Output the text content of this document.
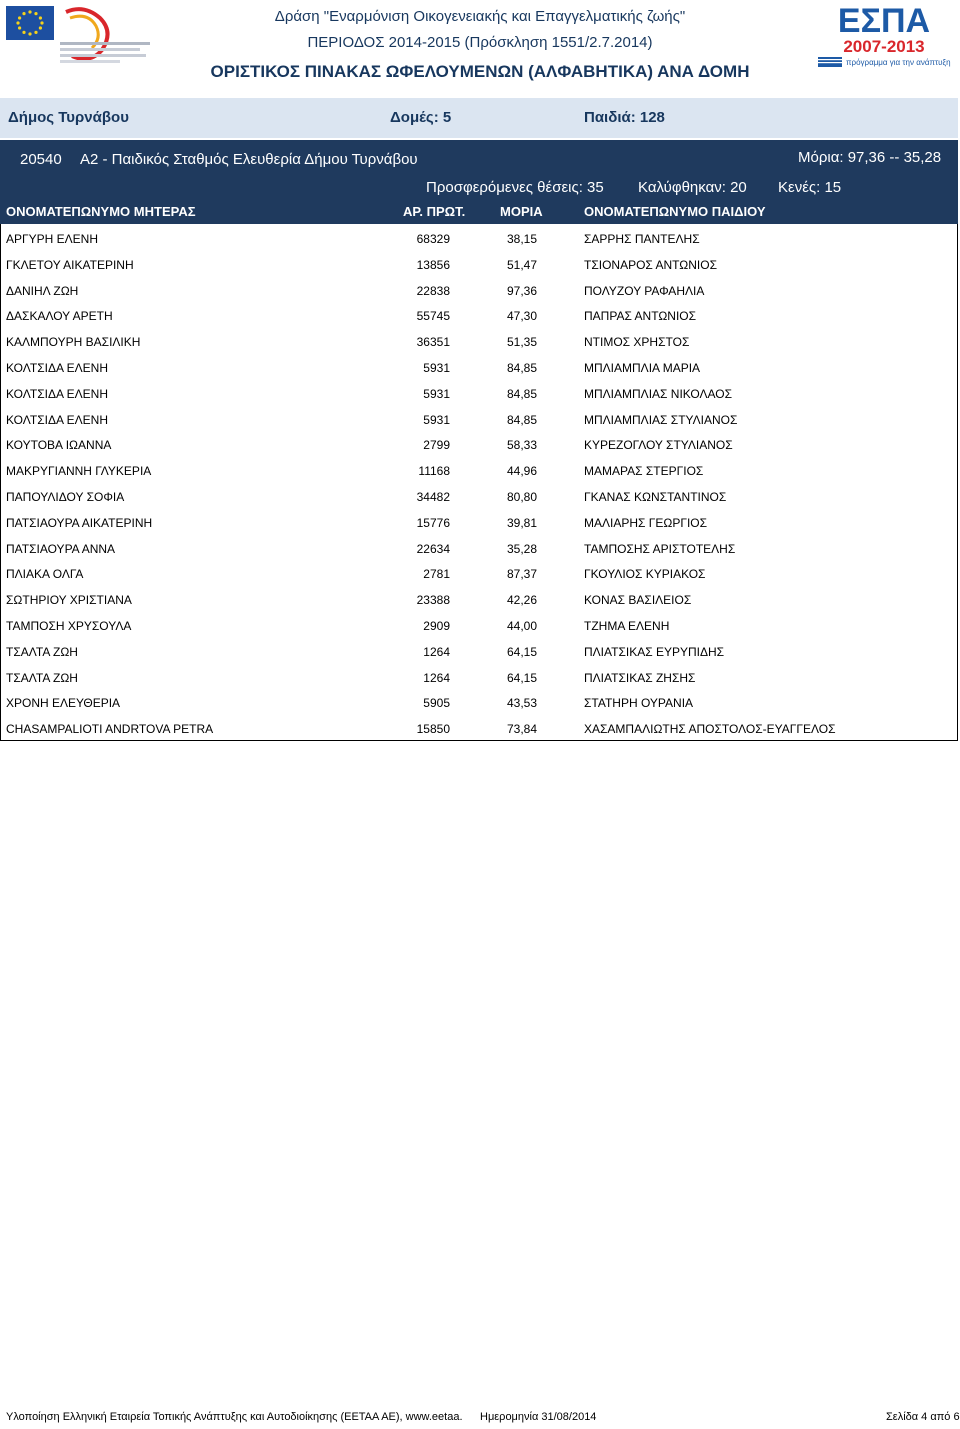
Δράση "Εναρμόνιση Οικογενειακής και Επαγγελματικής ζωής"
ΠΕΡΙΟΔΟΣ 2014-2015 (Πρόσκληση 1551/2.7.2014)
ΟΡΙΣΤΙΚΟΣ ΠΙΝΑΚΑΣ ΩΦΕΛΟΥΜΕΝΩΝ (ΑΛΦΑΒΗΤΙΚΑ) ΑΝΑ ΔΟΜΗ
ΕΣΠΑ
2007-2013
πρόγραμμα για την ανάπτυξη
Δήμος Τυρνάβου	Δομές: 5	Παιδιά: 128
20540 Α2 - Παιδικός Σταθμός Ελευθερία Δήμου Τυρνάβου	Μόρια: 97,36 -- 35,28
Προσφερόμενες θέσεις: 35 Καλύφθηκαν: 20 Κενές: 15
ΟΝΟΜΑΤΕΠΩΝΥΜΟ ΜΗΤΕΡΑΣ	ΑΡ. ΠΡΩΤ.	ΜΟΡΙΑ	ΟΝΟΜΑΤΕΠΩΝΥΜΟ ΠΑΙΔΙΟΥ
ΑΡΓΥΡΗ ΕΛΕΝΗ	68329	38,15	ΣΑΡΡΗΣ ΠΑΝΤΕΛΗΣ
ΓΚΛΕΤΟΥ ΑΙΚΑΤΕΡΙΝΗ	13856	51,47	ΤΣΙΟΝΑΡΟΣ ΑΝΤΩΝΙΟΣ
ΔΑΝΙΗΛ ΖΩΗ	22838	97,36	ΠΟΛΥΖΟΥ ΡΑΦΑΗΛΙΑ
ΔΑΣΚΑΛΟΥ ΑΡΕΤΗ	55745	47,30	ΠΑΠΡΑΣ ΑΝΤΩΝΙΟΣ
ΚΑΛΜΠΟΥΡΗ ΒΑΣΙΛΙΚΗ	36351	51,35	ΝΤΙΜΟΣ ΧΡΗΣΤΟΣ
ΚΟΛΤΣΙΔΑ ΕΛΕΝΗ	5931	84,85	ΜΠΛΙΑΜΠΛΙΑ ΜΑΡΙΑ
ΚΟΛΤΣΙΔΑ ΕΛΕΝΗ	5931	84,85	ΜΠΛΙΑΜΠΛΙΑΣ ΝΙΚΟΛΑΟΣ
ΚΟΛΤΣΙΔΑ ΕΛΕΝΗ	5931	84,85	ΜΠΛΙΑΜΠΛΙΑΣ ΣΤΥΛΙΑΝΟΣ
ΚΟΥΤΟΒΑ ΙΩΑΝΝΑ	2799	58,33	ΚΥΡΕΖΟΓΛΟΥ ΣΤΥΛΙΑΝΟΣ
ΜΑΚΡΥΓΙΑΝΝΗ ΓΛΥΚΕΡΙΑ	11168	44,96	ΜΑΜΑΡΑΣ ΣΤΕΡΓΙΟΣ
ΠΑΠΟΥΛΙΔΟΥ ΣΟΦΙΑ	34482	80,80	ΓΚΑΝΑΣ ΚΩΝΣΤΑΝΤΙΝΟΣ
ΠΑΤΣΙΑΟΥΡΑ ΑΙΚΑΤΕΡΙΝΗ	15776	39,81	ΜΑΛΙΑΡΗΣ ΓΕΩΡΓΙΟΣ
ΠΑΤΣΙΑΟΥΡΑ ΑΝΝΑ	22634	35,28	ΤΑΜΠΟΣΗΣ ΑΡΙΣΤΟΤΕΛΗΣ
ΠΛΙΑΚΑ ΟΛΓΑ	2781	87,37	ΓΚΟΥΛΙΟΣ ΚΥΡΙΑΚΟΣ
ΣΩΤΗΡΙΟΥ ΧΡΙΣΤΙΑΝΑ	23388	42,26	ΚΟΝΑΣ ΒΑΣΙΛΕΙΟΣ
ΤΑΜΠΟΣΗ ΧΡΥΣΟΥΛΑ	2909	44,00	ΤΖΗΜΑ ΕΛΕΝΗ
ΤΣΑΛΤΑ ΖΩΗ	1264	64,15	ΠΛΙΑΤΣΙΚΑΣ ΕΥΡΥΠΙΔΗΣ
ΤΣΑΛΤΑ ΖΩΗ	1264	64,15	ΠΛΙΑΤΣΙΚΑΣ ΖΗΣΗΣ
ΧΡΟΝΗ ΕΛΕΥΘΕΡΙΑ	5905	43,53	ΣΤΑΤΗΡΗ ΟΥΡΑΝΙΑ
CHASAMPALIOTI ANDRTOVA PETRA	15850	73,84	ΧΑΣΑΜΠΑΛΙΩΤΗΣ ΑΠΟΣΤΟΛΟΣ-ΕΥΑΓΓΕΛΟΣ
Υλοποίηση Ελληνική Εταιρεία Τοπικής Ανάπτυξης και Αυτοδιοίκησης (ΕΕΤΑΑ ΑΕ), www.eetaa. Ημερομηνία 31/08/2014	Σελίδα 4 από 6
